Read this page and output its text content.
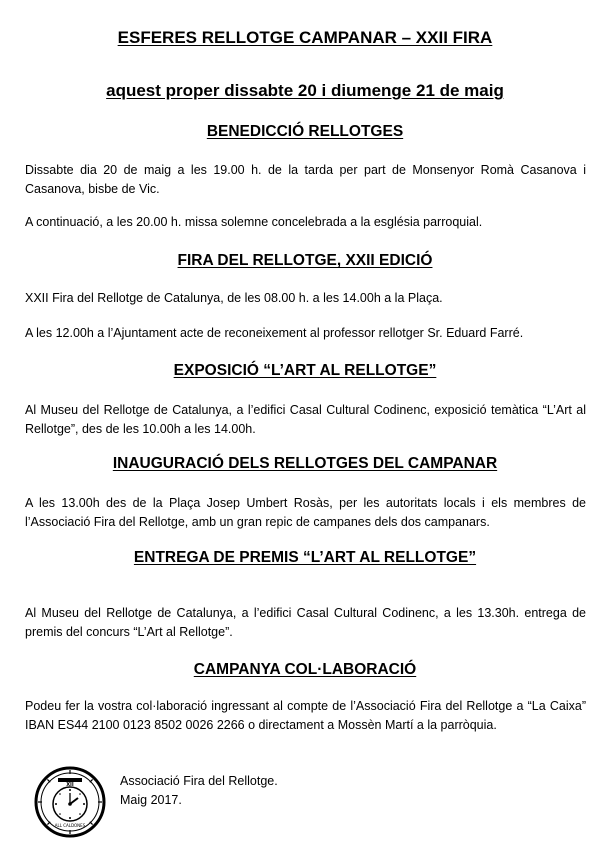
ESFERES RELLOTGE CAMPANAR – XXII FIRA
aquest proper dissabte 20 i diumenge 21 de maig
BENEDICCIÓ RELLOTGES
Dissabte dia 20 de maig a les 19.00 h. de la tarda per part de Monsenyor Romà Casanova i Casanova, bisbe de Vic.
A continuació, a les 20.00 h. missa solemne concelebrada a la església parroquial.
FIRA DEL RELLOTGE, XXII EDICIÓ
XXII Fira del Rellotge de Catalunya, de les 08.00 h. a les 14.00h a la Plaça.
A les 12.00h a l’Ajuntament acte de reconeixement al professor rellotger Sr. Eduard Farré.
EXPOSICIÓ “L’ART AL RELLOTGE”
Al Museu del Rellotge de Catalunya, a l’edifici Casal Cultural Codinenc, exposició temàtica “L’Art al Rellotge”, des de les 10.00h a les 14.00h.
INAUGURACIÓ DELS RELLOTGES DEL CAMPANAR
A les 13.00h des de la Plaça Josep Umbert Rosàs, per les autoritats locals i els membres de l’Associació Fira del Rellotge, amb un gran repic de campanes dels dos campanars.
ENTREGA DE PREMIS “L’ART AL RELLOTGE”
Al Museu del Rellotge de Catalunya, a l’edifici Casal Cultural Codinenc, a les 13.30h. entrega de premis del concurs “L’Art al Rellotge”.
CAMPANYA COL·LABORACIÓ
Podeu fer la vostra col·laboració ingressant al compte de l’Associació Fira del Rellotge a “La Caixa” IBAN ES44 2100 0123 8502 0026 2266 o directament a Mossèn Martí a la parròquia.
XII
ALL CALDONES
Associació Fira del Rellotge.
Maig 2017.
